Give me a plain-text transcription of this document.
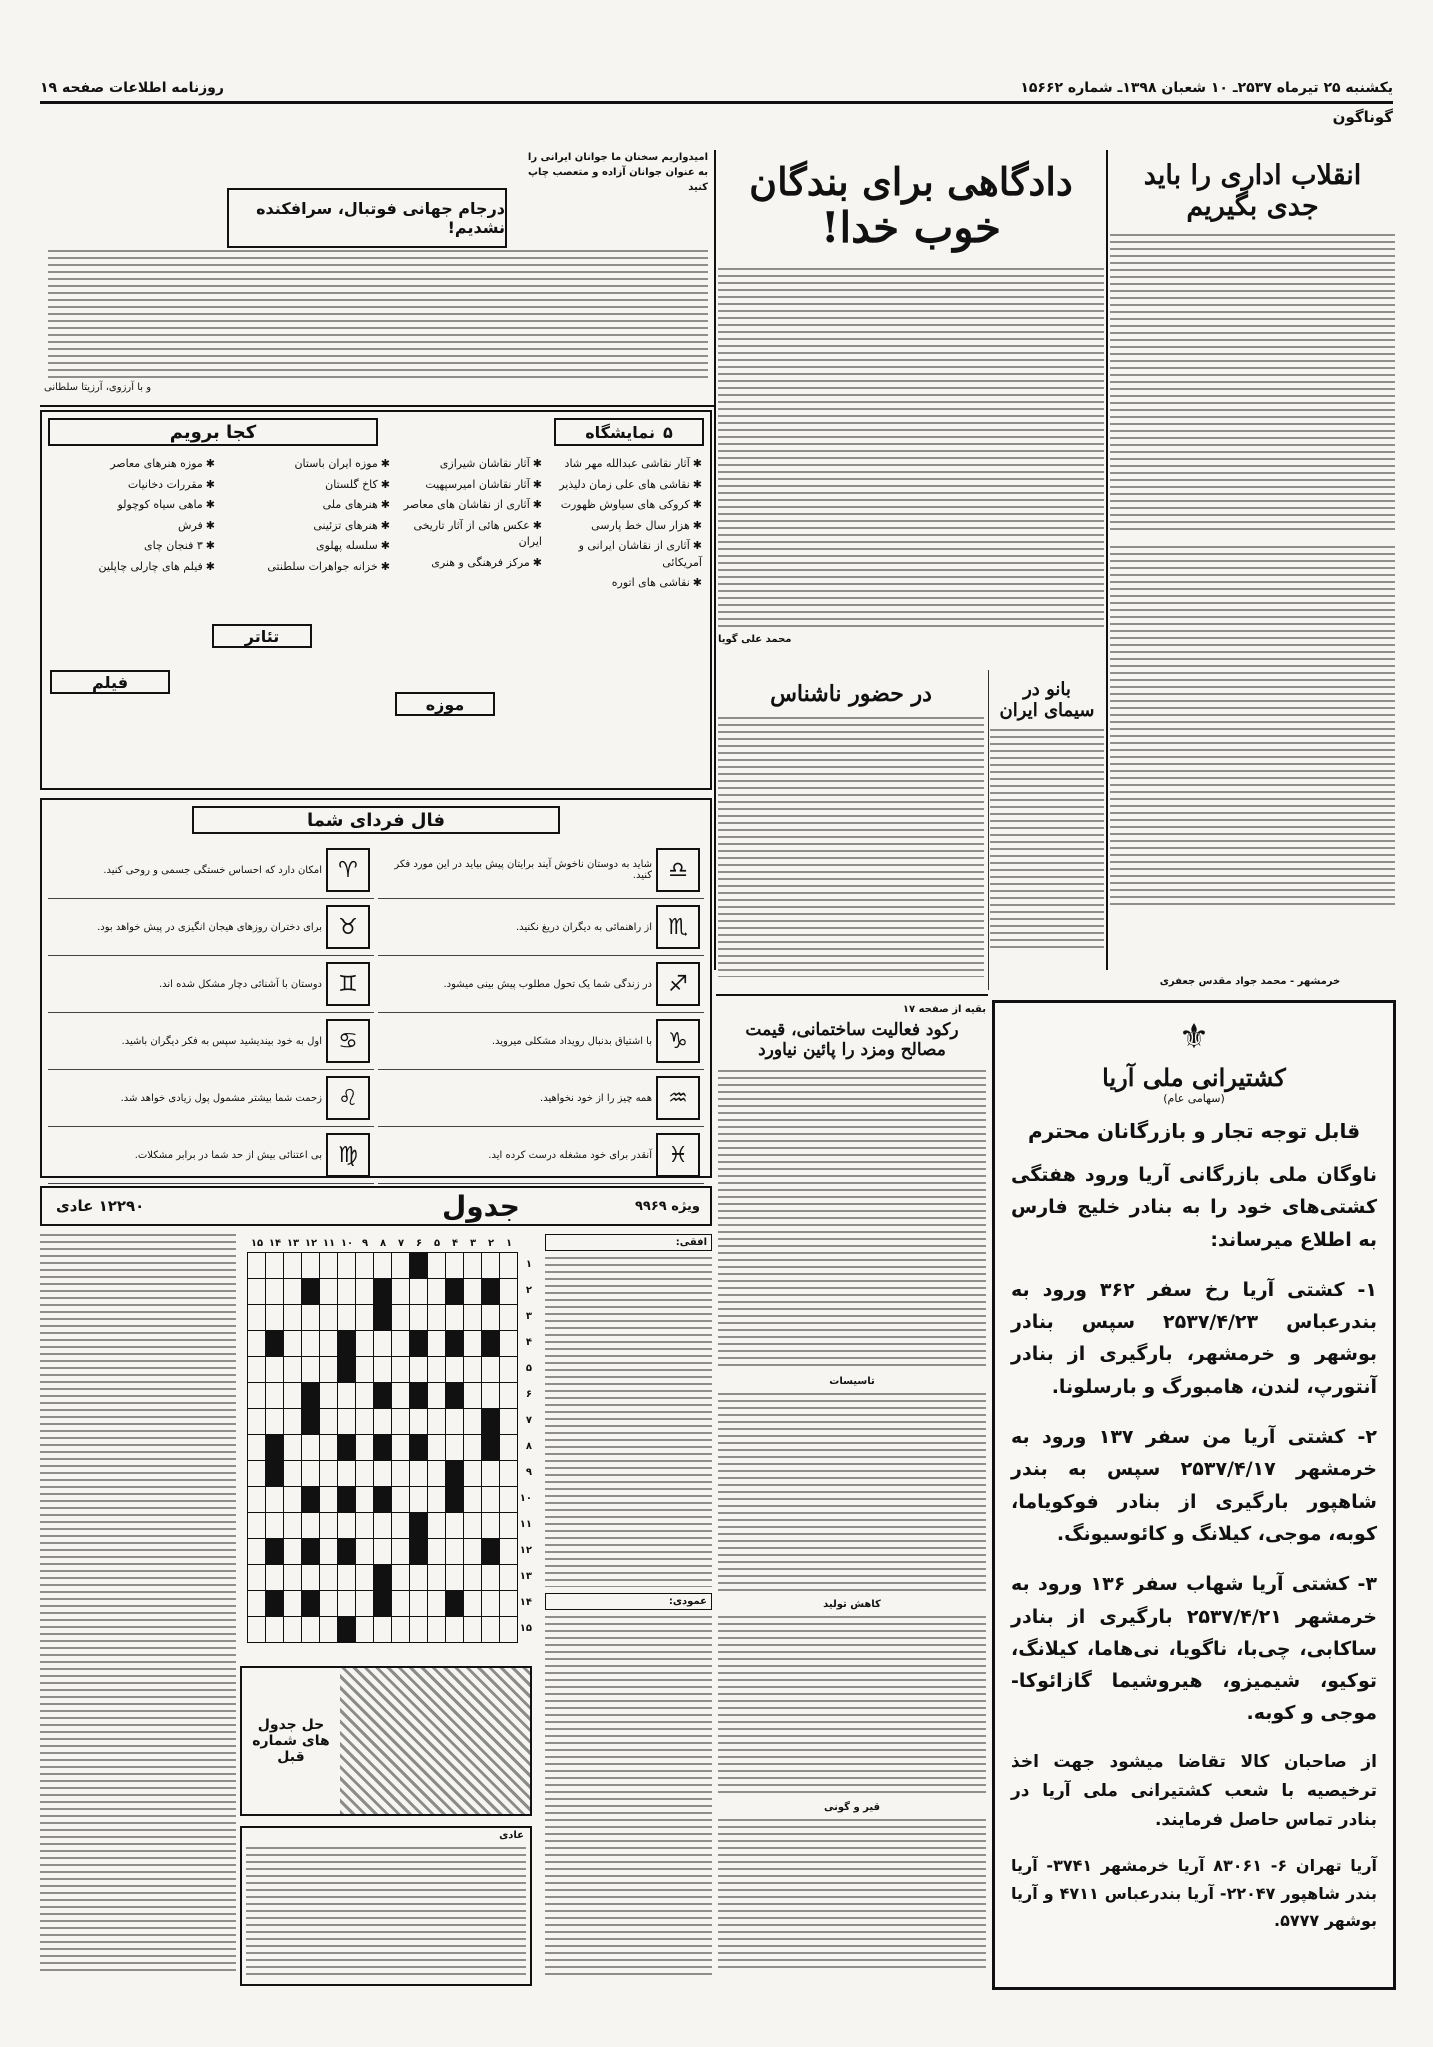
یکشنبه ۲۵ تیرماه ۲۵۳۷ـ ۱۰ شعبان ۱۳۹۸ـ شماره ۱۵۶۶۲
روزنامه اطلاعات صفحه ۱۹
گوناگون
انقلاب اداری را باید
جدی بگیریم
دادگاهی برای بندگان
خوب خدا!
محمد علی گویا
امیدواریم سخنان ما جوانان ایرانی را به عنوان جوانان آزاده و متعصب چاپ کنید
درجام جهانی فوتبال، سرافکنده نشدیم!
و با آرزوی، آرزیتا سلطانی
۵
نمایشگاه
کجا برویم
✱آثار نقاشی عبدالله مهر شاد
✱نقاشی های علی زمان دلیذیر
✱کروکی های سیاوش ظهورت
✱هزار سال خط پارسی
✱آثاری از نقاشان ایرانی و آمریکائی
✱نقاشی های اتوره
✱آثار نقاشان شیرازی
✱آثار نقاشان امیرسپهیت
✱آثاری از نقاشان های معاصر
✱عکس هائی از آثار تاریخی ایران
✱مرکز فرهنگی و هنری
موزه
✱موزه ایران باستان
✱کاخ گلستان
✱هنرهای ملی
✱هنرهای تزئینی
✱سلسله پهلوی
✱خزانه جواهرات سلطنتی
✱موزه هنرهای معاصر
✱مقررات دخانیات
✱ماهی سیاه کوچولو
✱فرش
✱۳ فنجان چای
✱فیلم های چارلی چاپلین
تئاتر
فیلم
فال فردای شما
♎
شاید به دوستان ناخوش آیند برایتان پیش بیاید در این مورد فکر کنید.
♏
از راهنمائی به دیگران دریغ نکنید.
♐
در زندگی شما یک تحول مطلوب پیش بینی میشود.
♑
با اشتیاق بدنبال رویداد مشکلی میروید.
♒
همه چیز را از خود نخواهید.
♓
آنقدر برای خود مشغله درست کرده اید.
♈
امکان دارد که احساس خستگی جسمی و روحی کنید.
♉
برای دختران روزهای هیجان انگیزی در پیش خواهد بود.
♊
دوستان با آشنائی دچار مشکل شده اند.
♋
اول به خود بیندیشید سپس به فکر دیگران باشید.
♌
زحمت شما بیشتر مشمول پول زیادی خواهد شد.
♍
بی اعتنائی بیش از حد شما در برابر مشکلات.
بانو در
سیمای ایران
خرمشهر - محمد جواد مقدس جعفری
در حضور ناشناس
⚜
کشتیرانی ملی آریا
(سهامی عام)
قابل توجه تجار و بازرگانان محترم
ناوگان ملی بازرگانی آریا ورود هفتگی کشتی‌های خود را به بنادر خلیج فارس به اطلاع میرساند:
۱- کشتی آریا رخ سفر ۳۶۲ ورود به بندرعباس ۲۵۳۷/۴/۲۳ سپس بنادر بوشهر و خرمشهر، بارگیری از بنادر آنتورپ، لندن، هامبورگ و بارسلونا.
۲- کشتی آریا من سفر ۱۳۷ ورود به خرمشهر ۲۵۳۷/۴/۱۷ سپس به بندر شاهپور بارگیری از بنادر فوکویاما، کوبه، موجی، کیلانگ و کائوسیونگ.
۳- کشتی آریا شهاب سفر ۱۳۶ ورود به خرمشهر ۲۵۳۷/۴/۲۱ بارگیری از بنادر ساکابی، چی‌با، ناگویا، نی‌هاما، کیلانگ، توکیو، شیمیزو، هیروشیما گازائوکا- موجی و کوبه.
از صاحبان کالا تقاضا میشود جهت اخذ ترخیصیه با شعب کشتیرانی ملی آریا در بنادر تماس حاصل فرمایند.
آریا تهران ۶- ۸۳۰۶۱ آریا خرمشهر ۳۷۴۱- آریا بندر شاهپور ۲۲۰۴۷- آریا بندرعباس ۴۷۱۱ و آریا بوشهر ۵۷۷۷.
بقیه از صفحه ۱۷
رکود فعالیت ساختمانی، قیمت
مصالح ومزد را پائین نیاورد
تاسیسات
کاهش تولید
قیر و گونی
جدول	ویژه ۹۹۶۹
۱۲۲۹۰ عادی
افقی:
عمودی:
۱
۲
۳
۴
۵
۶
۷
۸
۹
۱۰
۱۱
۱۲
۱۳
۱۴
۱۵
۱
۲
۳
۴
۵
۶
۷
۸
۹
۱۰
۱۱
۱۲
۱۳
۱۴
۱۵

حل جدول های شماره قبل
عادی
